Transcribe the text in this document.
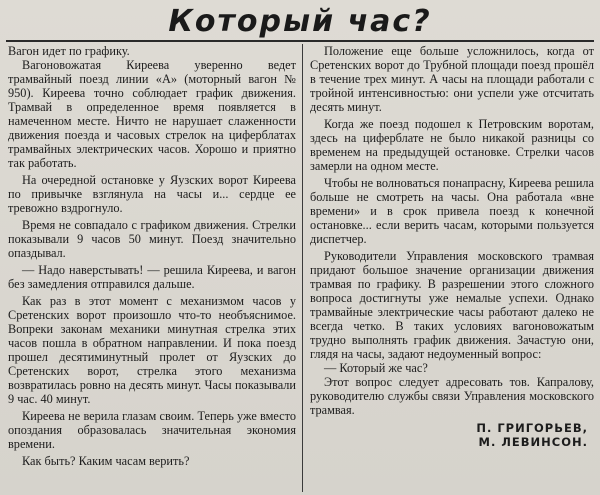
Который час?

Вагон идет по графику.

Вагоновожатая Киреева уверенно ведет трамвайный поезд линии «А» (моторный вагон № 950). Киреева точно соблюдает график движения. Трамвай в определенное время появляется в намеченном месте. Ничто не нарушает слаженности движения поезда и часовых стрелок на циферблатах трамвайных электрических часов. Хорошо и приятно так работать.

На очередной остановке у Яузских ворот Киреева по привычке взглянула на часы и... сердце ее тревожно вздрогнуло.

Время не совпадало с графиком движения. Стрелки показывали 9 часов 50 минут. Поезд значительно опаздывал.

— Надо наверстывать! — решила Киреева, и вагон без замедления отправился дальше.

Как раз в этот момент с механизмом часов у Сретенских ворот произошло что-то необъяснимое. Вопреки законам механики минутная стрелка этих часов пошла в обратном направлении. И пока поезд прошел десятиминутный пролет от Яузских до Сретенских ворот, стрелка этого механизма возвратилась ровно на десять минут. Часы показывали 9 час. 40 минут.

Киреева не верила глазам своим. Теперь уже вместо опоздания образовалась значительная экономия времени.

Как быть? Каким часам верить?

Положение еще больше усложнилось, когда от Сретенских ворот до Трубной площади поезд прошёл в течение трех минут. А часы на площади работали с тройной интенсивностью: они успели уже отсчитать десять минут.

Когда же поезд подошел к Петровским воротам, здесь на циферблате не было никакой разницы со временем на предыдущей остановке. Стрелки часов замерли на одном месте.

Чтобы не волноваться понапрасну, Киреева решила больше не смотреть на часы. Она работала «вне времени» и в срок привела поезд к конечной остановке... если верить часам, которыми пользуется диспетчер.

Руководители Управления московского трамвая придают большое значение организации движения трамвая по графику. В разрешении этого сложного вопроса достигнуты уже немалые успехи. Однако трамвайные электрические часы работают далеко не всегда четко. В таких условиях вагоновожатым трудно выполнять график движения. Зачастую они, глядя на часы, задают недоуменный вопрос:

— Который же час?

Этот вопрос следует адресовать тов. Капралову, руководителю службы связи Управления московского трамвая.

П. ГРИГОРЬЕВ,

М. ЛЕВИНСОН.
